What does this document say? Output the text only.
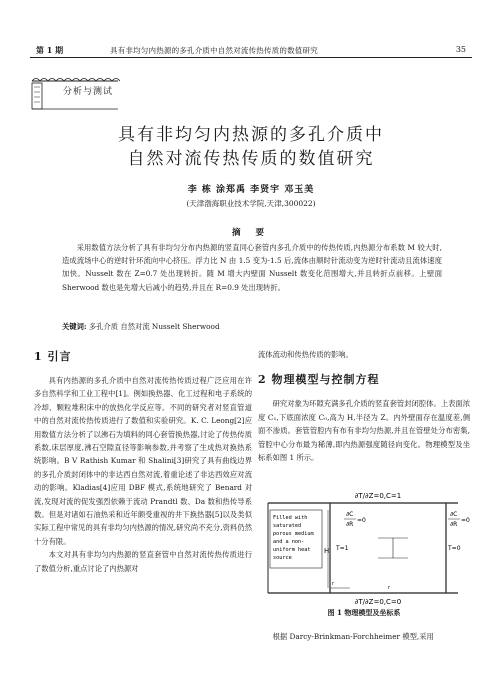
第 1 期	具有非均匀内热源的多孔介质中自然对流传热传质的数值研究	35
分析与测试
具有非均匀内热源的多孔介质中
自然对流传热传质的数值研究
李 栋 涂郑禹 李贤宇 邓玉美
(天津渤海职业技术学院,天津,300022)
摘 要
采用数值方法分析了具有非均匀分布内热源的竖直同心套管内多孔介质中的传热传质,内热源分布系数 M 较大时,造成流场中心的逆时针环流向中心挤压。浮力比 N 由 1.5 变为-1.5 后,流体由顺时针流动变为逆时针流动且流体速度加快。Nusselt 数在 Z=0.7 处出现转折。随 M 增大内壁面 Nusselt 数变化范围增大,并且转折点前移。上壁面 Sherwood 数也是先增大后减小的趋势,并且在 R=0.9 处出现转折。
关键词: 多孔介质 自然对流 Nusselt Sherwood
1 引言

具有内热源的多孔介质中自然对流传热传质过程广泛应用在许多自然科学和工业工程中[1]。例如换热器、化工过程和电子系统的冷却、颗粒堆积床中的放热化学反应等。不同的研究者对竖直管道中的自然对流传热传质进行了数值和实验研究。K. C. Leong[2]应用数值方法分析了以沸石为填料的同心套管换热器,讨论了传热传质系数,床层厚度,沸石空隙直径等影响参数,并考察了生成热对换热系统影响。B V Rathish Kumar 和 Shalini[3]研究了具有曲线边界的多孔介质封闭体中的非达西自然对流,着重论述了非达西效应对流动的影响。Kladias[4]应用 DBF 模式,系统地研究了 Benard 对流,发现对流的促发强烈依赖于流动 Prandtl 数、Da 数和热传导系数。但是对诸如石油热采和近年颇受重视的井下换热器[5]以及类似实际工程中常见的具有非均匀内热源的情况,研究尚不充分,资料仍然十分有限。

本文对具有非均匀内热源的竖直套管中自然对流传热传质进行了数值分析,重点讨论了内热源对

流体流动和传热传质的影响。

2 物理模型与控制方程

研究对象为环隙充满多孔介质的竖直套管封闭腔体。上表面浓度 C₁,下底面浓度 C₀,高为 H,半径为 Z。内外壁面存在温度差,侧面不渗质。套管管腔内有布有非均匀热源,并且在管壁处分布密集,管腔中心分布最为稀薄,即内热源强度随径向变化。物理模型及坐标系如图 1 所示。

∂T/∂Z=0,C=1
Filled with
saturated
porous medium
and a non-
uniform heat
source
H
∂C
∂R
=0
T=1
∂C
∂R
=0
T=0
r
r
∂T/∂Z=0,C=0
图 1 物理模型及坐标系
根据 Darcy-Brinkman-Forchheimer 模型,采用
